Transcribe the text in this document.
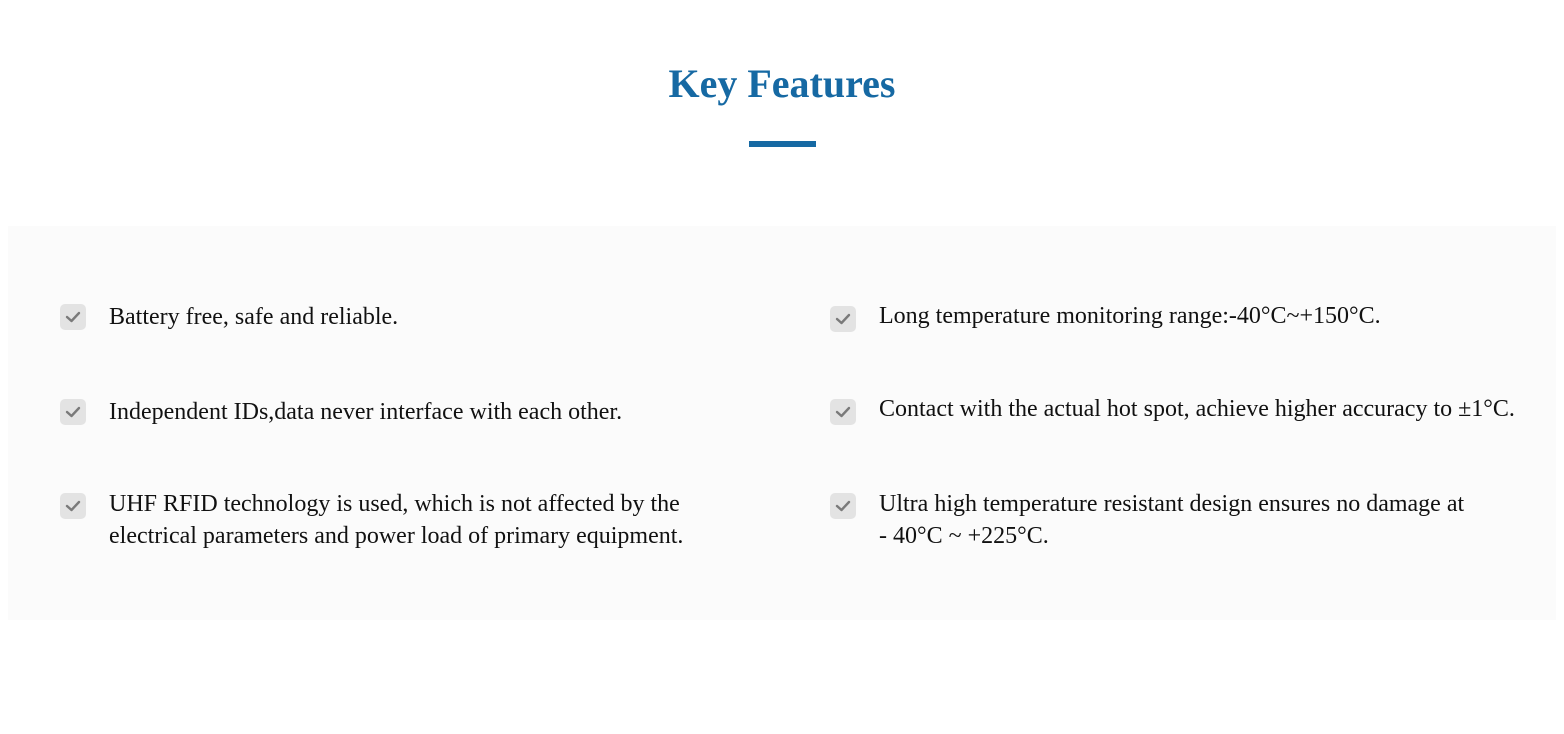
Key Features
Battery free, safe and reliable.
Independent IDs,data never interface with each other.
UHF RFID technology is used, which is not affected by the
electrical parameters and power load of primary equipment.
Long temperature monitoring range:-40°C~+150°C.
Contact with the actual hot spot, achieve higher accuracy to ±1°C.
Ultra high temperature resistant design ensures no damage at
- 40°C ~ +225°C.
